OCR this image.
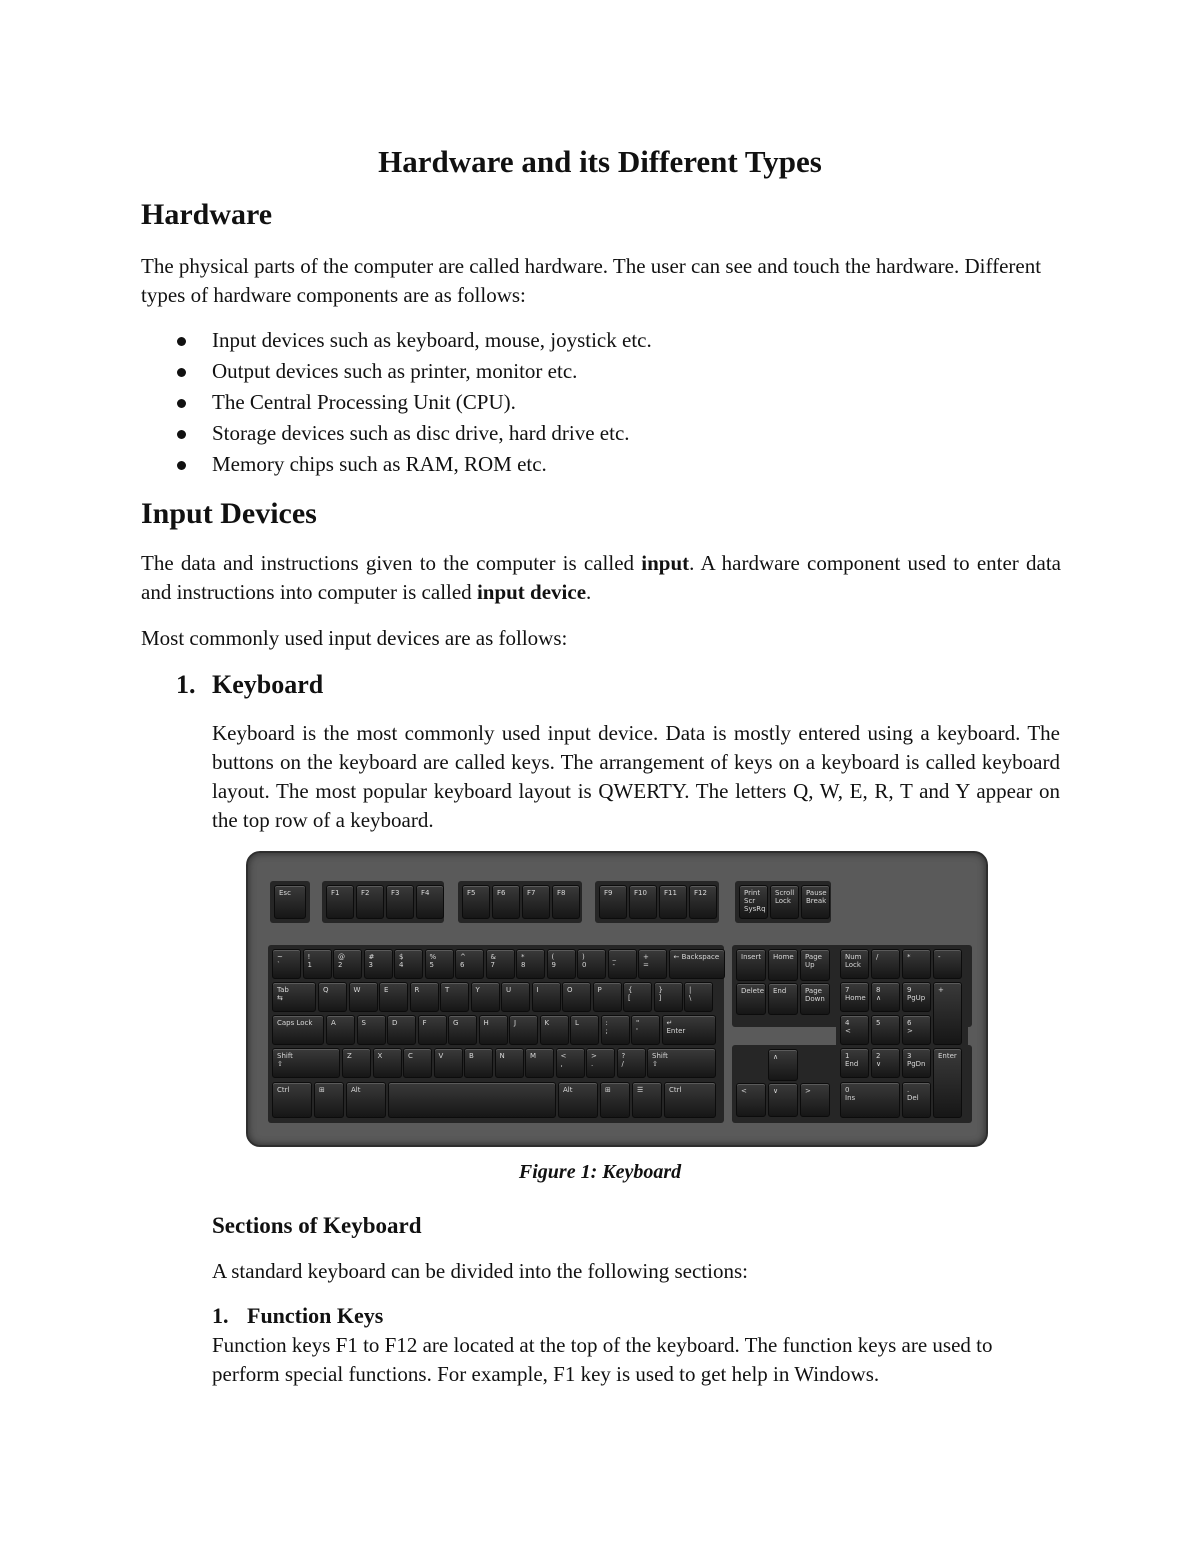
Hardware and its Different Types
Hardware
The physical parts of the computer are called hardware. The user can see and touch the hardware. Different types of hardware components are as follows:
Input devices such as keyboard, mouse, joystick etc.
Output devices such as printer, monitor etc.
The Central Processing Unit (CPU).
Storage devices such as disc drive, hard drive etc.
Memory chips such as RAM, ROM etc.
Input Devices
The data and instructions given to the computer is called input. A hardware component used to enter data and instructions into computer is called input device.
Most commonly used input devices are as follows:
1. Keyboard
Keyboard is the most commonly used input device. Data is mostly entered using a keyboard. The buttons on the keyboard are called keys. The arrangement of keys on a keyboard is called keyboard layout. The most popular keyboard layout is QWERTY. The letters Q, W, E, R, T and Y appear on the top row of a keyboard.
Esc	F1	F2	F3	F4	F5	F6	F7	F8	F9	F10	F11	F12	Print
Scr
SysRq
Scroll
Lock
Pause
Break
~
`
!
1
@
2
#
3
$
4
%
5
^
6
&
7
*
8
(
9
)
0
_
-
+
=
← Backspace
Tab
⇆
Q	W	E	R	T	Y	U	I	O	P	{
[
}
]
|
\
Caps Lock	A	S	D	F	G	H	J	K	L	:
;
"
'
↵
Enter
Shift
⇧
Z	X	C	V	B	N	M	<
,
>
.
?
/
Shift
⇧
Ctrl	⊞	Alt	Alt	⊞	☰	Ctrl
Insert	Home	Page
Up
Delete	End	Page
Down
∧
<	∨	>
Num
Lock
/	*	-
7
Home
8
∧
9
PgUp
+
4
<
5	6
>
1
End
2
∨
3
PgDn
Enter
0
Ins
.
Del
Figure 1: Keyboard
Sections of Keyboard
A standard keyboard can be divided into the following sections:
1. Function Keys
Function keys F1 to F12 are located at the top of the keyboard. The function keys are used to perform special functions. For example, F1 key is used to get help in Windows.
